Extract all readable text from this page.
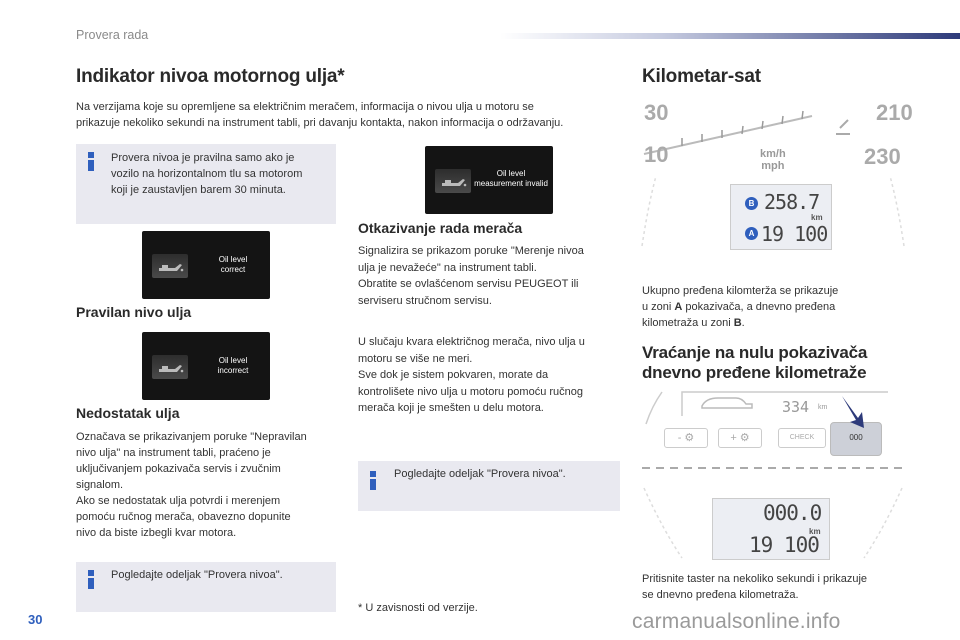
Provera rada
Indikator nivoa motornog ulja*

Na verzijama koje su opremljene sa električnim meračem, informacija o nivou ulja u motoru se
prikazuje nekoliko sekundi na instrument tabli, pri davanju kontakta, nakon informacija o održavanju.

Provera nivoa je pravilna samo ako je
vozilo na horizontalnom tlu sa motorom
koji je zaustavljen barem 30 minuta.

Oil level
correct
Pravilan nivo ulja
Oil level
incorrect
Nedostatak ulja

Označava se prikazivanjem poruke "Nepravilan
nivo ulja" na instrument tabli, praćeno je
uključivanjem pokazivača servis i zvučnim
signalom.
Ako se nedostatak ulja potvrdi i merenjem
pomoću ručnog merača, obavezno dopunite
nivo da biste izbegli kvar motora.

Pogledajte odeljak "Provera nivoa".

Oil level
measurement invalid
Otkazivanje rada merača

Signalizira se prikazom poruke "Merenje nivoa
ulja je nevažeće" na instrument tabli.
Obratite se ovlašćenom servisu PEUGEOT ili
serviseru stručnom servisu.

U slučaju kvara električnog merača, nivo ulja u
motoru se više ne meri.
Sve dok je sistem pokvaren, morate da
kontrolišete nivo ulja u motoru pomoću ručnog
merača koji je smešten u delu motora.

Pogledajte odeljak "Provera nivoa".

* U zavisnosti od verzije.

Kilometar-sat
30	210
10	230
km/h
mph
B 258.7
km
A 19 100

Ukupno pređena kilomterža se prikazuje
u zoni A pokazivača, a dnevno pređena
kilometraža u zoni B.

Vraćanje na nulu pokazivača
dnevno pređene kilometraže
334 km
- ⚙	+ ⚙	CHECK	000
000.0
km
19 100

Pritisnite taster na nekoliko sekundi i prikazuje
se dnevno pređena kilometraža.

30	carmanualsonline.info
